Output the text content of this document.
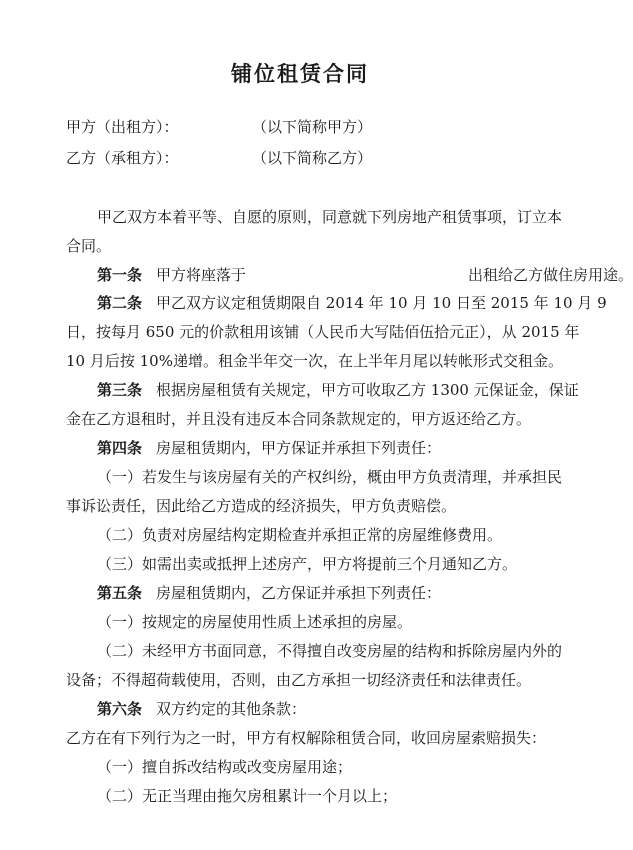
铺位租赁合同
甲方（出租方）：	（以下简称甲方）
乙方（承租方）：	（以下简称乙方）
甲乙双方本着平等、自愿的原则，同意就下列房地产租赁事项，订立本
合同。
第一条 甲方将座落于	出租给乙方做住房用途。
第二条 甲乙双方议定租赁期限自 2014 年 10 月 10 日至 2015 年 10 月 9
日，按每月 650 元的价款租用该铺（人民币大写陆佰伍拾元正），从 2015 年
10 月后按 10%递增。租金半年交一次，在上半年月尾以转帐形式交租金。
第三条 根据房屋租赁有关规定，甲方可收取乙方 1300 元保证金，保证
金在乙方退租时，并且没有违反本合同条款规定的，甲方返还给乙方。
第四条 房屋租赁期内，甲方保证并承担下列责任：
（一）若发生与该房屋有关的产权纠纷，概由甲方负责清理，并承担民
事诉讼责任，因此给乙方造成的经济损失，甲方负责赔偿。
（二）负责对房屋结构定期检查并承担正常的房屋维修费用。
（三）如需出卖或抵押上述房产，甲方将提前三个月通知乙方。
第五条 房屋租赁期内，乙方保证并承担下列责任：
（一）按规定的房屋使用性质上述承担的房屋。
（二）未经甲方书面同意，不得擅自改变房屋的结构和拆除房屋内外的
设备；不得超荷载使用，否则，由乙方承担一切经济责任和法律责任。
第六条 双方约定的其他条款：
乙方在有下列行为之一时，甲方有权解除租赁合同，收回房屋索赔损失：
（一）擅自拆改结构或改变房屋用途；
（二）无正当理由拖欠房租累计一个月以上；
